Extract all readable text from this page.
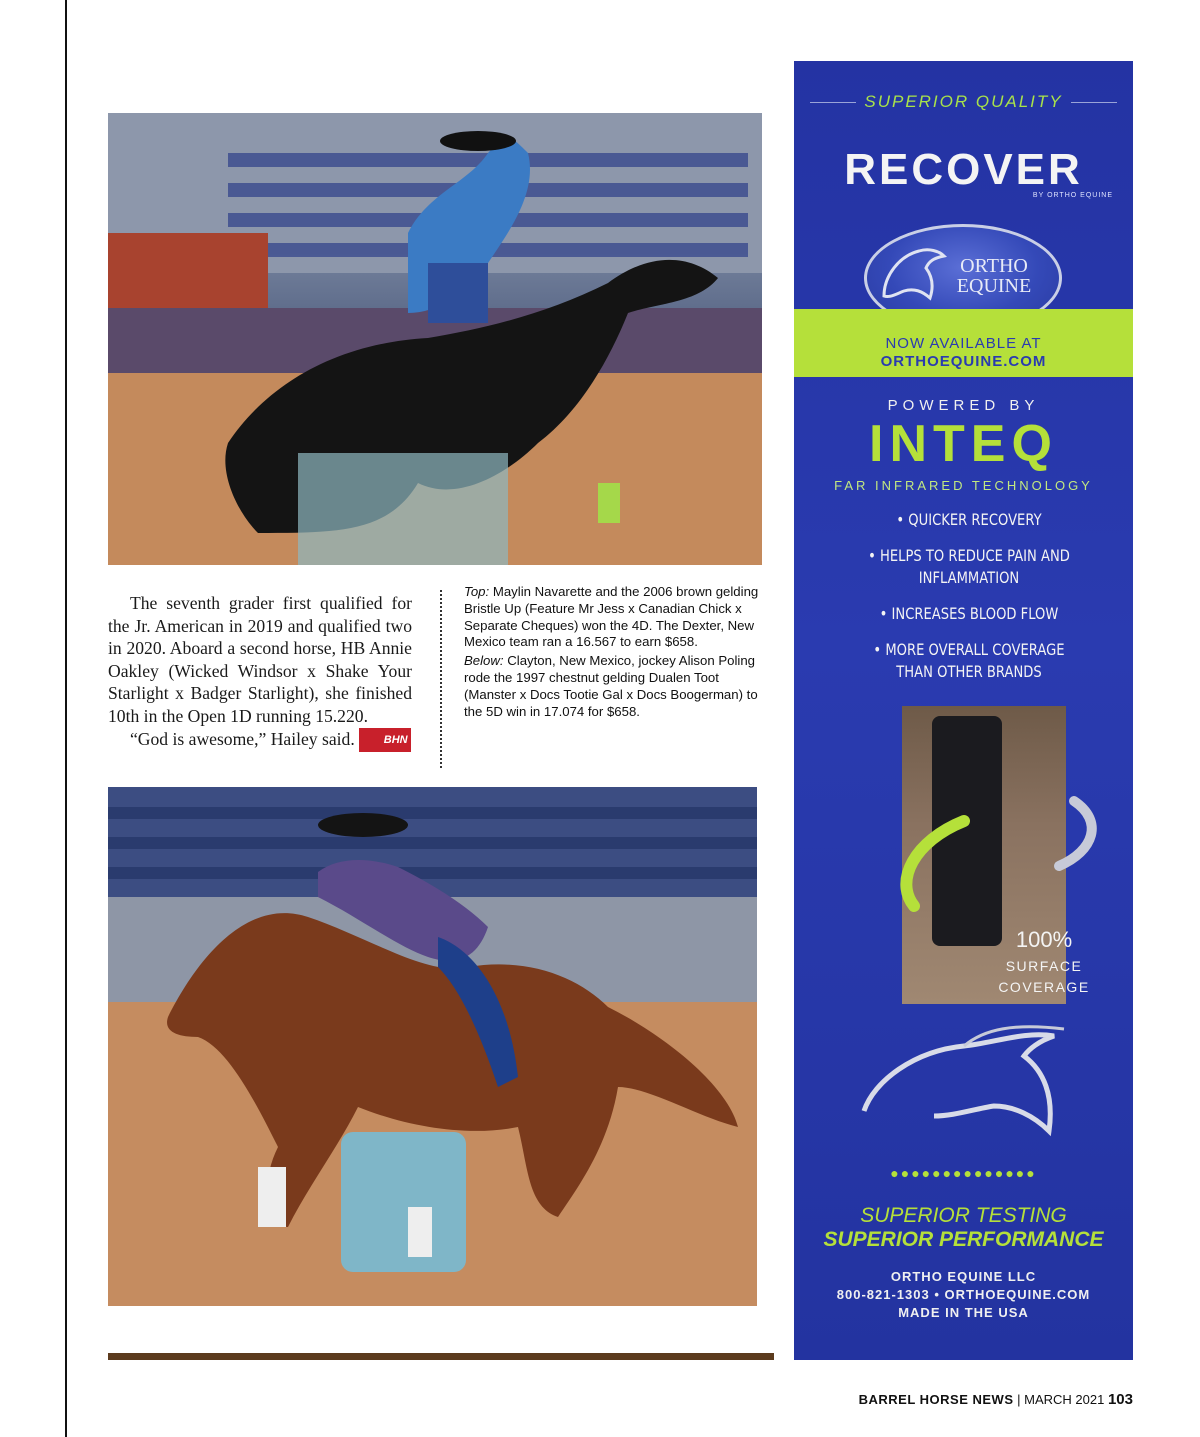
The seventh grader first qualified for the Jr. American in 2019 and qualified two in 2020. Aboard a second horse, HB Annie Oakley (Wicked Windsor x Shake Your Starlight x Badger Starlight), she finished 10th in the Open 1D running 15.220.

“God is awesome,” Hailey said.	BHN

Top: Maylin Navarette and the 2006 brown gelding Bristle Up (Feature Mr Jess x Canadian Chick x Separate Cheques) won the 4D. The Dexter, New Mexico team ran a 16.567 to earn $658.

Below: Clayton, New Mexico, jockey Alison Poling rode the 1997 chestnut gelding Dualen Toot (Manster x Docs Tootie Gal x Docs Boogerman) to the 5D win in 17.074 for $658.

SUPERIOR QUALITY
RECOVER
BY ORTHO EQUINE
ORTHO
EQUINE
NOW AVAILABLE AT
ORTHOEQUINE.COM
POWERED BY
INTEQ
FAR INFRARED TECHNOLOGY
• QUICKER RECOVERY
• HELPS TO REDUCE PAIN AND INFLAMMATION
• INCREASES BLOOD FLOW
• MORE OVERALL COVERAGE THAN OTHER BRANDS
100%
SURFACE
COVERAGE
●●●●●●●●●●●●●●
SUPERIOR TESTING
SUPERIOR PERFORMANCE
ORTHO EQUINE LLC
800-821-1303 • ORTHOEQUINE.COM
MADE IN THE USA
BARREL HORSE NEWS | MARCH 2021 103
